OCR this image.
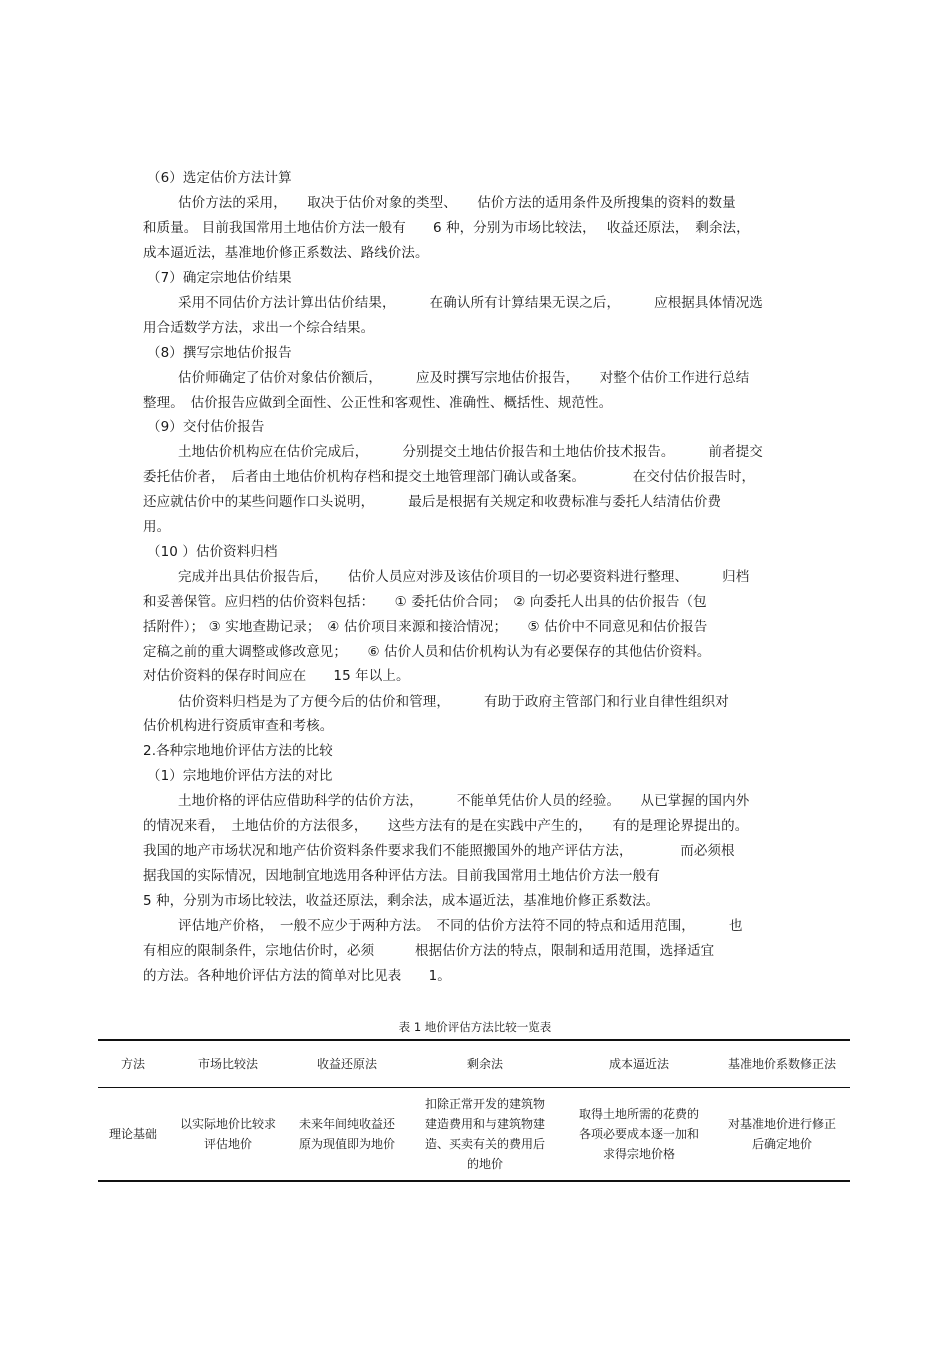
（6）选定估价方法计算
估价方法的采用，　　取决于估价对象的类型、　　估价方法的适用条件及所搜集的资料的数量
和质量。 目前我国常用土地估价方法一般有　　6 种，分别为市场比较法，　 收益还原法，　剩余法，
成本逼近法，基准地价修正系数法、路线价法。
（7）确定宗地估价结果
采用不同估价方法计算出估价结果，　　　在确认所有计算结果无误之后，　　　应根据具体情况选
用合适数学方法，求出一个综合结果。
（8）撰写宗地估价报告
估价师确定了估价对象估价额后，　　　应及时撰写宗地估价报告，　　对整个估价工作进行总结
整理。　估价报告应做到全面性、公正性和客观性、准确性、概括性、规范性。
（9）交付估价报告
土地估价机构应在估价完成后，　　　分别提交土地估价报告和土地估价技术报告。　　　前者提交
委托估价者，　后者由土地估价机构存档和提交土地管理部门确认或备案。　　　　在交付估价报告时，
还应就估价中的某些问题作口头说明，　　　最后是根据有关规定和收费标准与委托人结清估价费
用。
（10 ）估价资料归档
完成并出具估价报告后，　　估价人员应对涉及该估价项目的一切必要资料进行整理、　　　归档
和妥善保管。应归档的估价资料包括：　　① 委托估价合同；　② 向委托人出具的估价报告（包
括附件）； ③ 实地查勘记录；　④ 估价项目来源和接洽情况；　　⑤ 估价中不同意见和估价报告
定稿之前的重大调整或修改意见；　　⑥ 估价人员和估价机构认为有必要保存的其他估价资料。
对估价资料的保存时间应在　　15 年以上。
估价资料归档是为了方便今后的估价和管理，　　　有助于政府主管部门和行业自律性组织对
估价机构进行资质审查和考核。
2.各种宗地地价评估方法的比较
（1）宗地地价评估方法的对比
土地价格的评估应借助科学的估价方法，　　　不能单凭估价人员的经验。　　从已掌握的国内外
的情况来看，　土地估价的方法很多，　　这些方法有的是在实践中产生的，　　有的是理论界提出的。
我国的地产市场状况和地产估价资料条件要求我们不能照搬国外的地产评估方法，　　　　而必须根
据我国的实际情况，因地制宜地选用各种评估方法。目前我国常用土地估价方法一般有
5 种，分别为市场比较法，收益还原法，剩余法，成本逼近法，基准地价修正系数法。
评估地产价格，　一般不应少于两种方法。　不同的估价方法符不同的特点和适用范围，　　　也
有相应的限制条件，宗地估价时，必须　　　根据估价方法的特点，限制和适用范围，选择适宜
的方法。各种地价评估方法的简单对比见表　　1。
表 1 地价评估方法比较一览表
方法	市场比较法	收益还原法	剩余法	成本逼近法	基准地价系数修正法
理论基础	以实际地价比较求评估地价	未来年间纯收益还原为现值即为地价	扣除正常开发的建筑物建造费用和与建筑物建造、买卖有关的费用后的地价	取得土地所需的花费的各项必要成本逐一加和求得宗地价格	对基准地价进行修正后确定地价
